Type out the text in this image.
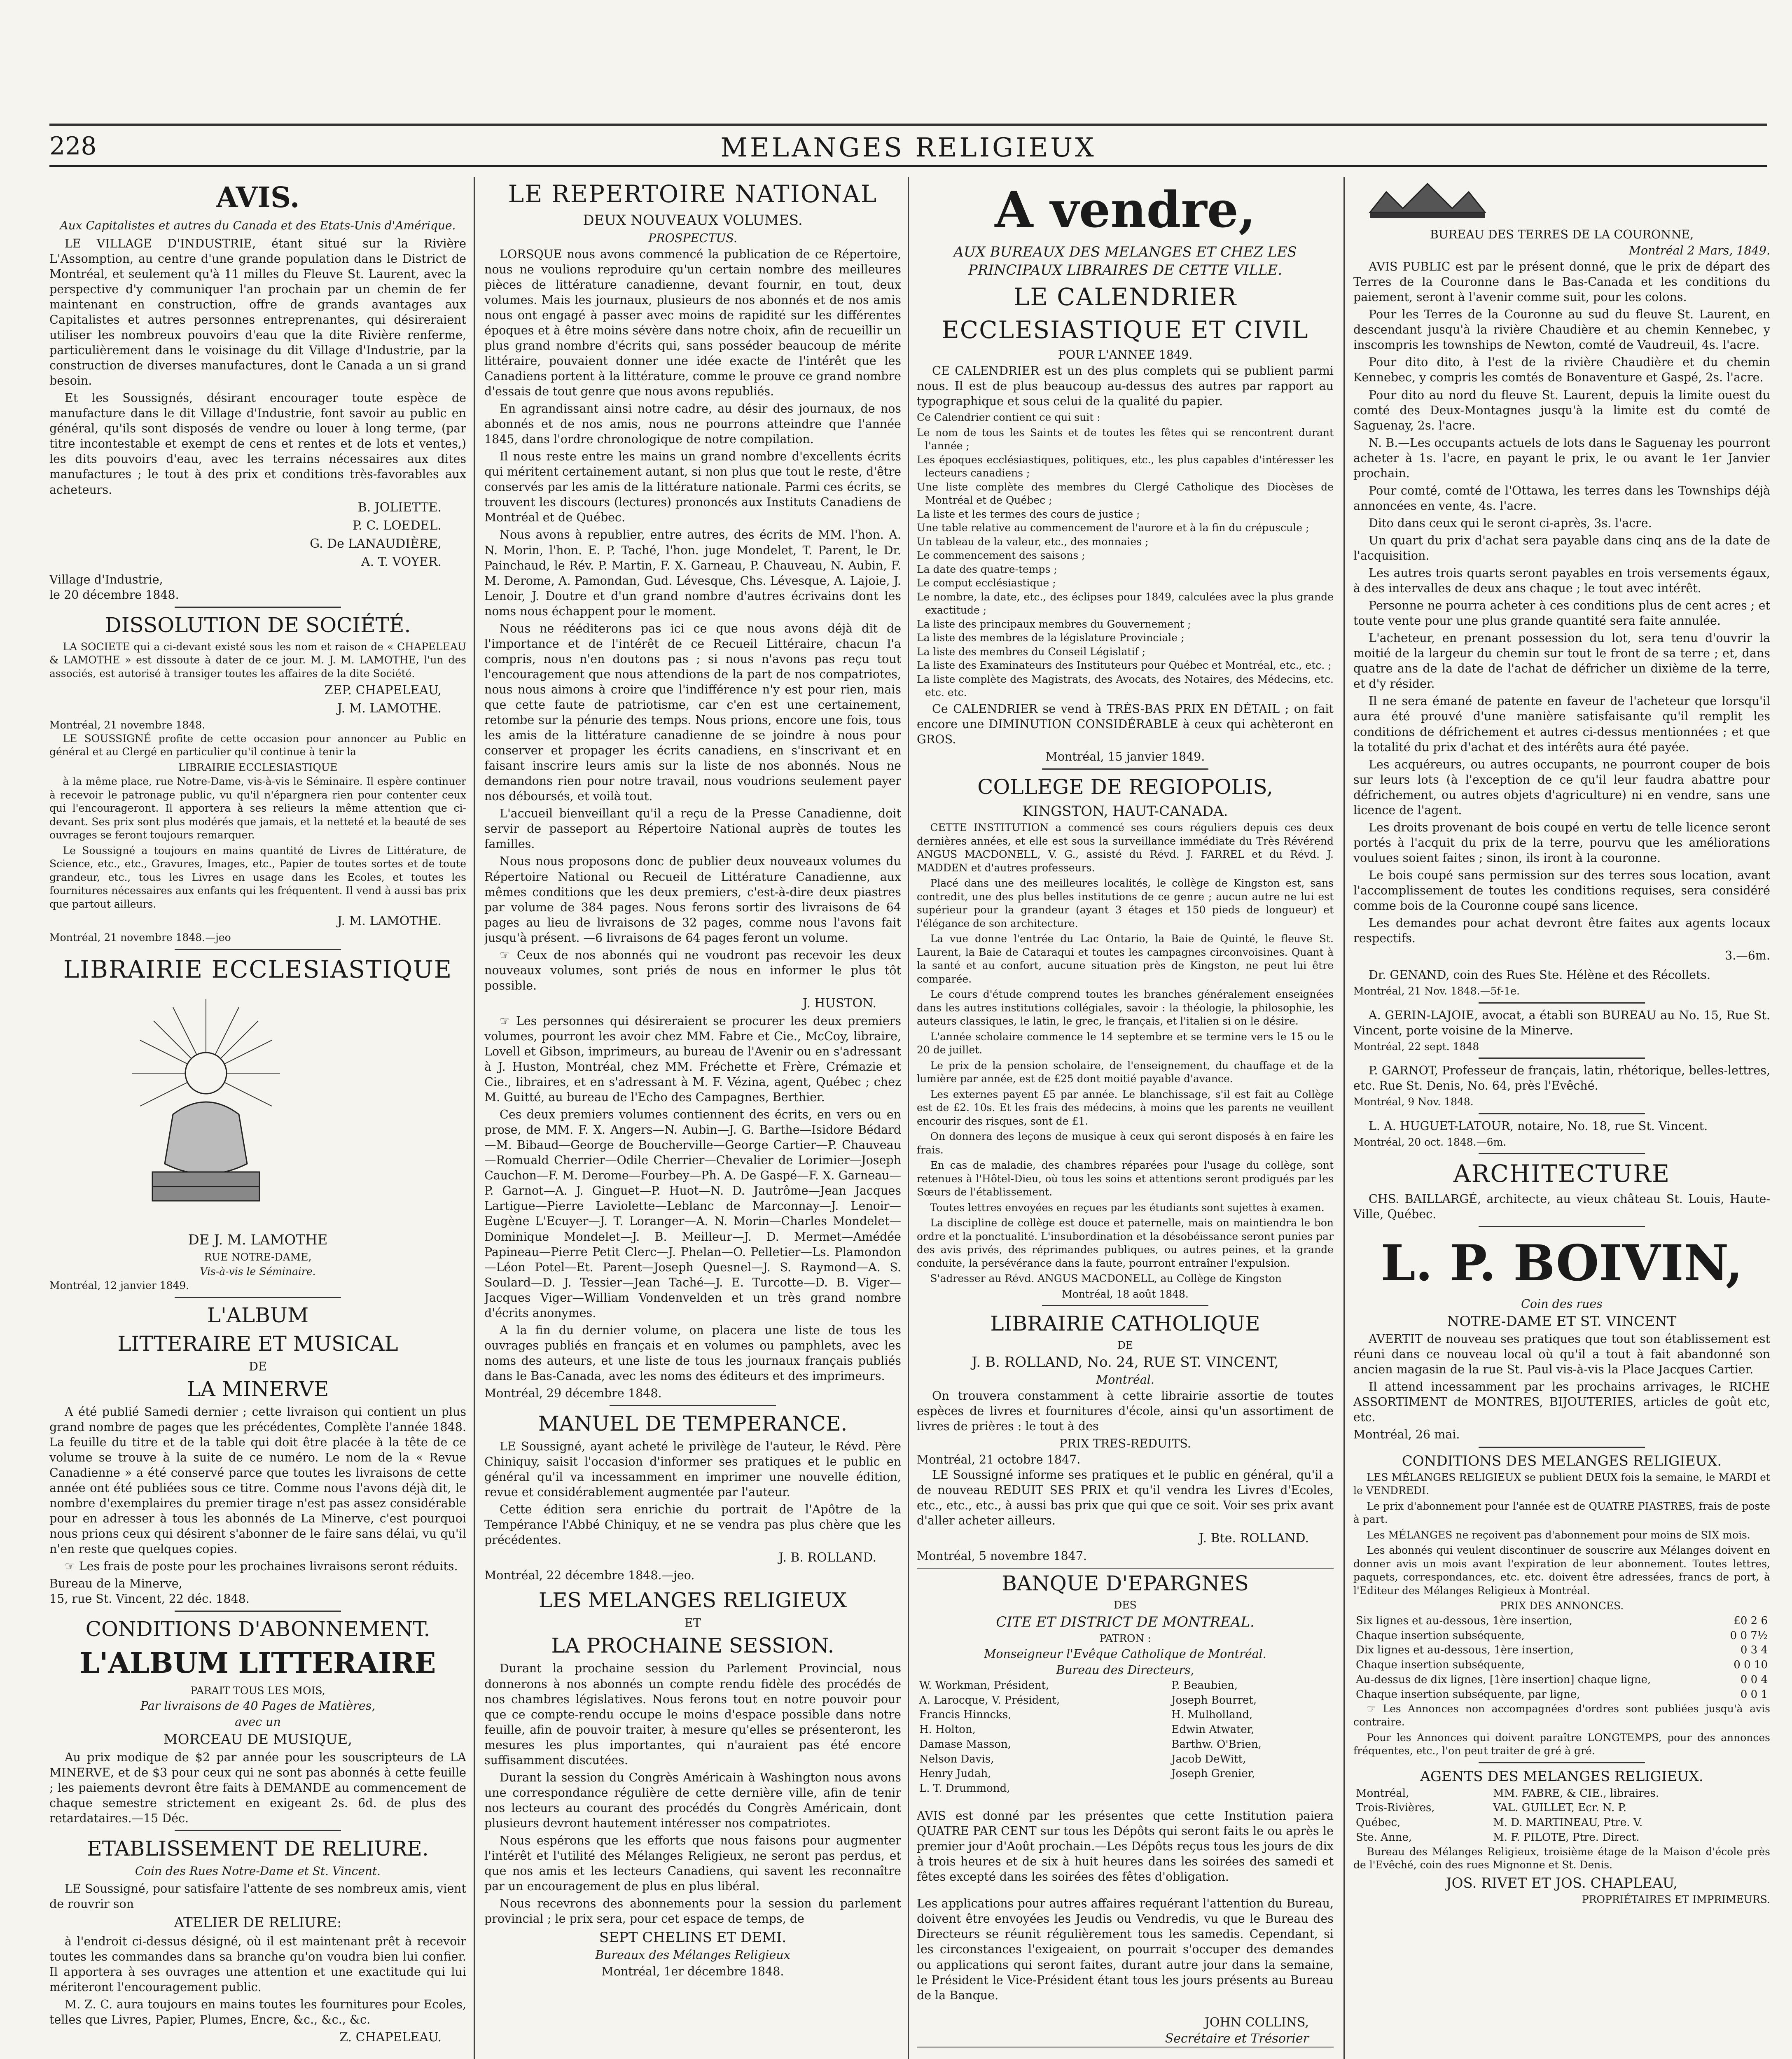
228	MELANGES RELIGIEUX
AVIS.
Aux Capitalistes et autres du Canada et des Etats-Unis d'Amérique.

LE VILLAGE D'INDUSTRIE, étant situé sur la Rivière L'Assomption, au centre d'une grande population dans le District de Montréal, et seulement qu'à 11 milles du Fleuve St. Laurent, avec la perspective d'y communiquer l'an prochain par un chemin de fer maintenant en construction, offre de grands avantages aux Capitalistes et autres personnes entreprenantes, qui désireraient utiliser les nombreux pouvoirs d'eau que la dite Rivière renferme, particulièrement dans le voisinage du dit Village d'Industrie, par la construction de diverses manufactures, dont le Canada a un si grand besoin.

Et les Soussignés, désirant encourager toute espèce de manufacture dans le dit Village d'Industrie, font savoir au public en général, qu'ils sont disposés de vendre ou louer à long terme, (par titre incontestable et exempt de cens et rentes et de lots et ventes,) les dits pouvoirs d'eau, avec les terrains nécessaires aux dites manufactures ; le tout à des prix et conditions très-favorables aux acheteurs.

B. JOLIETTE.

P. C. LOEDEL.

G. De LANAUDIÈRE,

A. T. VOYER.

Village d'Industrie,
le 20 décembre 1848.
DISSOLUTION DE SOCIÉTÉ.

LA SOCIETE qui a ci-devant existé sous les nom et raison de « CHAPELEAU & LAMOTHE » est dissoute à dater de ce jour. M. J. M. LAMOTHE, l'un des associés, est autorisé à transiger toutes les affaires de la dite Société.

ZEP. CHAPELEAU,

J. M. LAMOTHE.

Montréal, 21 novembre 1848.

LE SOUSSIGNÉ profite de cette occasion pour annoncer au Public en général et au Clergé en particulier qu'il continue à tenir la

LIBRAIRIE ECCLESIASTIQUE

à la même place, rue Notre-Dame, vis-à-vis le Séminaire. Il espère continuer à recevoir le patronage public, vu qu'il n'épargnera rien pour contenter ceux qui l'encourageront. Il apportera à ses relieurs la même attention que ci-devant. Ses prix sont plus modérés que jamais, et la netteté et la beauté de ses ouvrages se feront toujours remarquer.

Le Soussigné a toujours en mains quantité de Livres de Littérature, de Science, etc., etc., Gravures, Images, etc., Papier de toutes sortes et de toute grandeur, etc., tous les Livres en usage dans les Ecoles, et toutes les fournitures nécessaires aux enfants qui les fréquentent. Il vend à aussi bas prix que partout ailleurs.

J. M. LAMOTHE.

Montréal, 21 novembre 1848.—jeo
LIBRAIRIE ECCLESIASTIQUE
DE J. M. LAMOTHE
RUE NOTRE-DAME,
Vis-à-vis le Séminaire.
Montréal, 12 janvier 1849.
L'ALBUM
LITTERAIRE ET MUSICAL
DE
LA MINERVE

A été publié Samedi dernier ; cette livraison qui contient un plus grand nombre de pages que les précédentes, Complète l'année 1848. La feuille du titre et de la table qui doit être placée à la tête de ce volume se trouve à la suite de ce numéro. Le nom de la « Revue Canadienne » a été conservé parce que toutes les livraisons de cette année ont été publiées sous ce titre. Comme nous l'avons déjà dit, le nombre d'exemplaires du premier tirage n'est pas assez considérable pour en adresser à tous les abonnés de La Minerve, c'est pourquoi nous prions ceux qui désirent s'abonner de le faire sans délai, vu qu'il n'en reste que quelques copies.

☞ Les frais de poste pour les prochaines livraisons seront réduits.

Bureau de la Minerve,
15, rue St. Vincent, 22 déc. 1848.
CONDITIONS D'ABONNEMENT.
L'ALBUM LITTERAIRE
PARAIT TOUS LES MOIS,
Par livraisons de 40 Pages de Matières,
avec un
MORCEAU DE MUSIQUE,

Au prix modique de $2 par année pour les souscripteurs de LA MINERVE, et de $3 pour ceux qui ne sont pas abonnés à cette feuille ; les paiements devront être faits à DEMANDE au commencement de chaque semestre strictement en exigeant 2s. 6d. de plus des retardataires.—15 Déc.

ETABLISSEMENT DE RELIURE.
Coin des Rues Notre-Dame et St. Vincent.

LE Soussigné, pour satisfaire l'attente de ses nombreux amis, vient de rouvrir son

ATELIER DE RELIURE:

à l'endroit ci-dessus désigné, où il est maintenant prêt à recevoir toutes les commandes dans sa branche qu'on voudra bien lui confier. Il apportera à ses ouvrages une attention et une exactitude qui lui mériteront l'encouragement public.

M. Z. C. aura toujours en mains toutes les fournitures pour Ecoles, telles que Livres, Papier, Plumes, Encre, &c., &c., &c.

Z. CHAPELEAU.

LE REPERTOIRE NATIONAL
DEUX NOUVEAUX VOLUMES.
PROSPECTUS.

LORSQUE nous avons commencé la publication de ce Répertoire, nous ne voulions reproduire qu'un certain nombre des meilleures pièces de littérature canadienne, devant fournir, en tout, deux volumes. Mais les journaux, plusieurs de nos abonnés et de nos amis nous ont engagé à passer avec moins de rapidité sur les différentes époques et à être moins sévère dans notre choix, afin de recueillir un plus grand nombre d'écrits qui, sans posséder beaucoup de mérite littéraire, pouvaient donner une idée exacte de l'intérêt que les Canadiens portent à la littérature, comme le prouve ce grand nombre d'essais de tout genre que nous avons republiés.

En agrandissant ainsi notre cadre, au désir des journaux, de nos abonnés et de nos amis, nous ne pourrons atteindre que l'année 1845, dans l'ordre chronologique de notre compilation.

Il nous reste entre les mains un grand nombre d'excellents écrits qui méritent certainement autant, si non plus que tout le reste, d'être conservés par les amis de la littérature nationale. Parmi ces écrits, se trouvent les discours (lectures) prononcés aux Instituts Canadiens de Montréal et de Québec.

Nous avons à republier, entre autres, des écrits de MM. l'hon. A. N. Morin, l'hon. E. P. Taché, l'hon. juge Mondelet, T. Parent, le Dr. Painchaud, le Rév. P. Martin, F. X. Garneau, P. Chauveau, N. Aubin, F. M. Derome, A. Pamondan, Gud. Lévesque, Chs. Lévesque, A. Lajoie, J. Lenoir, J. Doutre et d'un grand nombre d'autres écrivains dont les noms nous échappent pour le moment.

Nous ne rééditerons pas ici ce que nous avons déjà dit de l'importance et de l'intérêt de ce Recueil Littéraire, chacun l'a compris, nous n'en doutons pas ; si nous n'avons pas reçu tout l'encouragement que nous attendions de la part de nos compatriotes, nous nous aimons à croire que l'indifférence n'y est pour rien, mais que cette faute de patriotisme, car c'en est une certainement, retombe sur la pénurie des temps. Nous prions, encore une fois, tous les amis de la littérature canadienne de se joindre à nous pour conserver et propager les écrits canadiens, en s'inscrivant et en faisant inscrire leurs amis sur la liste de nos abonnés. Nous ne demandons rien pour notre travail, nous voudrions seulement payer nos déboursés, et voilà tout.

L'accueil bienveillant qu'il a reçu de la Presse Canadienne, doit servir de passeport au Répertoire National auprès de toutes les familles.

Nous nous proposons donc de publier deux nouveaux volumes du Répertoire National ou Recueil de Littérature Canadienne, aux mêmes conditions que les deux premiers, c'est-à-dire deux piastres par volume de 384 pages. Nous ferons sortir des livraisons de 64 pages au lieu de livraisons de 32 pages, comme nous l'avons fait jusqu'à présent. —6 livraisons de 64 pages feront un volume.

☞ Ceux de nos abonnés qui ne voudront pas recevoir les deux nouveaux volumes, sont priés de nous en informer le plus tôt possible.

J. HUSTON.

☞ Les personnes qui désireraient se procurer les deux premiers volumes, pourront les avoir chez MM. Fabre et Cie., McCoy, libraire, Lovell et Gibson, imprimeurs, au bureau de l'Avenir ou en s'adressant à J. Huston, Montréal, chez MM. Fréchette et Frère, Crémazie et Cie., libraires, et en s'adressant à M. F. Vézina, agent, Québec ; chez M. Guitté, au bureau de l'Echo des Campagnes, Berthier.

Ces deux premiers volumes contiennent des écrits, en vers ou en prose, de MM. F. X. Angers—N. Aubin—J. G. Barthe—Isidore Bédard—M. Bibaud—George de Boucherville—George Cartier—P. Chauveau—Romuald Cherrier—Odile Cherrier—Chevalier de Lorimier—Joseph Cauchon—F. M. Derome—Fourbey—Ph. A. De Gaspé—F. X. Garneau—P. Garnot—A. J. Ginguet—P. Huot—N. D. Jautrôme—Jean Jacques Lartigue—Pierre Laviolette—Leblanc de Marconnay—J. Lenoir—Eugène L'Ecuyer—J. T. Loranger—A. N. Morin—Charles Mondelet—Dominique Mondelet—J. B. Meilleur—J. D. Mermet—Amédée Papineau—Pierre Petit Clerc—J. Phelan—O. Pelletier—Ls. Plamondon—Léon Potel—Et. Parent—Joseph Quesnel—J. S. Raymond—A. S. Soulard—D. J. Tessier—Jean Taché—J. E. Turcotte—D. B. Viger—Jacques Viger—William Vondenvelden et un très grand nombre d'écrits anonymes.

A la fin du dernier volume, on placera une liste de tous les ouvrages publiés en français et en volumes ou pamphlets, avec les noms des auteurs, et une liste de tous les journaux français publiés dans le Bas-Canada, avec les noms des éditeurs et des imprimeurs.

Montréal, 29 décembre 1848.
MANUEL DE TEMPERANCE.

LE Soussigné, ayant acheté le privilège de l'auteur, le Révd. Père Chiniquy, saisit l'occasion d'informer ses pratiques et le public en général qu'il va incessamment en imprimer une nouvelle édition, revue et considérablement augmentée par l'auteur.

Cette édition sera enrichie du portrait de l'Apôtre de la Tempérance l'Abbé Chiniquy, et ne se vendra pas plus chère que les précédentes.

J. B. ROLLAND.

Montréal, 22 décembre 1848.—jeo.
LES MELANGES RELIGIEUX
ET
LA PROCHAINE SESSION.

Durant la prochaine session du Parlement Provincial, nous donnerons à nos abonnés un compte rendu fidèle des procédés de nos chambres législatives. Nous ferons tout en notre pouvoir pour que ce compte-rendu occupe le moins d'espace possible dans notre feuille, afin de pouvoir traiter, à mesure qu'elles se présenteront, les mesures les plus importantes, qui n'auraient pas été encore suffisamment discutées.

Durant la session du Congrès Américain à Washington nous avons une correspondance régulière de cette dernière ville, afin de tenir nos lecteurs au courant des procédés du Congrès Américain, dont plusieurs devront hautement intéresser nos compatriotes.

Nous espérons que les efforts que nous faisons pour augmenter l'intérêt et l'utilité des Mélanges Religieux, ne seront pas perdus, et que nos amis et les lecteurs Canadiens, qui savent les reconnaître par un encouragement de plus en plus libéral.

Nous recevrons des abonnements pour la session du parlement provincial ; le prix sera, pour cet espace de temps, de

SEPT CHELINS ET DEMI.
Bureaux des Mélanges Religieux
Montréal, 1er décembre 1848.
A vendre,
AUX BUREAUX DES MELANGES ET CHEZ LES PRINCIPAUX LIBRAIRES DE CETTE VILLE.
LE CALENDRIER
ECCLESIASTIQUE ET CIVIL
POUR L'ANNEE 1849.

CE CALENDRIER est un des plus complets qui se publient parmi nous. Il est de plus beaucoup au-dessus des autres par rapport au typographique et sous celui de la qualité du papier.

Ce Calendrier contient ce qui suit :
Le nom de tous les Saints et de toutes les fêtes qui se rencontrent durant l'année ;
Les époques ecclésiastiques, politiques, etc., les plus capables d'intéresser les lecteurs canadiens ;
Une liste complète des membres du Clergé Catholique des Diocèses de Montréal et de Québec ;
La liste et les termes des cours de justice ;
Une table relative au commencement de l'aurore et à la fin du crépuscule ;
Un tableau de la valeur, etc., des monnaies ;
Le commencement des saisons ;
La date des quatre-temps ;
Le comput ecclésiastique ;
Le nombre, la date, etc., des éclipses pour 1849, calculées avec la plus grande exactitude ;
La liste des principaux membres du Gouvernement ;
La liste des membres de la législature Provinciale ;
La liste des membres du Conseil Législatif ;
La liste des Examinateurs des Instituteurs pour Québec et Montréal, etc., etc. ;
La liste complète des Magistrats, des Avocats, des Notaires, des Médecins, etc. etc. etc.

Ce CALENDRIER se vend à TRÈS-BAS PRIX EN DÉTAIL ; on fait encore une DIMINUTION CONSIDÉRABLE à ceux qui achèteront en GROS.

Montréal, 15 janvier 1849.
COLLEGE DE REGIOPOLIS,
KINGSTON, HAUT-CANADA.

CETTE INSTITUTION a commencé ses cours réguliers depuis ces deux dernières années, et elle est sous la surveillance immédiate du Très Révérend ANGUS MACDONELL, V. G., assisté du Révd. J. FARREL et du Révd. J. MADDEN et d'autres professeurs.

Placé dans une des meilleures localités, le collège de Kingston est, sans contredit, une des plus belles institutions de ce genre ; aucun autre ne lui est supérieur pour la grandeur (ayant 3 étages et 150 pieds de longueur) et l'élégance de son architecture.

La vue donne l'entrée du Lac Ontario, la Baie de Quinté, le fleuve St. Laurent, la Baie de Cataraqui et toutes les campagnes circonvoisines. Quant à la santé et au confort, aucune situation près de Kingston, ne peut lui être comparée.

Le cours d'étude comprend toutes les branches généralement enseignées dans les autres institutions collégiales, savoir : la théologie, la philosophie, les auteurs classiques, le latin, le grec, le français, et l'italien si on le désire.

L'année scholaire commence le 14 septembre et se termine vers le 15 ou le 20 de juillet.

Le prix de la pension scholaire, de l'enseignement, du chauffage et de la lumière par année, est de £25 dont moitié payable d'avance.

Les externes payent £5 par année. Le blanchissage, s'il est fait au Collège est de £2. 10s. Et les frais des médecins, à moins que les parents ne veuillent encourir des risques, sont de £1.

On donnera des leçons de musique à ceux qui seront disposés à en faire les frais.

En cas de maladie, des chambres réparées pour l'usage du collège, sont retenues à l'Hôtel-Dieu, où tous les soins et attentions seront prodigués par les Sœurs de l'établissement.

Toutes lettres envoyées en reçues par les étudiants sont sujettes à examen.

La discipline de collège est douce et paternelle, mais on maintiendra le bon ordre et la ponctualité. L'insubordination et la désobéissance seront punies par des avis privés, des réprimandes publiques, ou autres peines, et la grande conduite, la persévérance dans la faute, pourront entraîner l'expulsion.

S'adresser au Révd. ANGUS MACDONELL, au Collège de Kingston

Montréal, 18 août 1848.
LIBRAIRIE CATHOLIQUE
DE
J. B. ROLLAND, No. 24, RUE ST. VINCENT,
Montréal.

On trouvera constamment à cette librairie assortie de toutes espèces de livres et fournitures d'école, ainsi qu'un assortiment de livres de prières : le tout à des

PRIX TRES-REDUITS.
Montréal, 21 octobre 1847.

LE Soussigné informe ses pratiques et le public en général, qu'il a de nouveau REDUIT SES PRIX et qu'il vendra les Livres d'Ecoles, etc., etc., etc., à aussi bas prix que qui que ce soit. Voir ses prix avant d'aller acheter ailleurs.

J. Bte. ROLLAND.

Montréal, 5 novembre 1847.
BANQUE D'EPARGNES
DES
CITE ET DISTRICT DE MONTREAL.
PATRON :
Monseigneur l'Evêque Catholique de Montréal.
Bureau des Directeurs,
W. Workman, Président,	P. Beaubien,
A. Larocque, V. Président,	Joseph Bourret,
Francis Hinncks,	H. Mulholland,
H. Holton,	Edwin Atwater,
Damase Masson,	Barthw. O'Brien,
Nelson Davis,	Jacob DeWitt,
Henry Judah,	Joseph Grenier,
L. T. Drummond,	

AVIS est donné par les présentes que cette Institution paiera QUATRE PAR CENT sur tous les Dépôts qui seront faits le ou après le premier jour d'Août prochain.—Les Dépôts reçus tous les jours de dix à trois heures et de six à huit heures dans les soirées des samedi et fêtes excepté dans les soirées des fêtes d'obligation.

Les applications pour autres affaires requérant l'attention du Bureau, doivent être envoyées les Jeudis ou Vendredis, vu que le Bureau des Directeurs se réunit régulièrement tous les samedis. Cependant, si les circonstances l'exigeaient, on pourrait s'occuper des demandes ou applications qui seront faites, durant autre jour dans la semaine, le Président le Vice-Président étant tous les jours présents au Bureau de la Banque.

JOHN COLLINS,

Secrétaire et Trésorier

BUREAU DES TERRES DE LA COURONNE,
Montréal 2 Mars, 1849.

AVIS PUBLIC est par le présent donné, que le prix de départ des Terres de la Couronne dans le Bas-Canada et les conditions du paiement, seront à l'avenir comme suit, pour les colons.

Pour les Terres de la Couronne au sud du fleuve St. Laurent, en descendant jusqu'à la rivière Chaudière et au chemin Kennebec, y inscompris les townships de Newton, comté de Vaudreuil, 4s. l'acre.

Pour dito dito, à l'est de la rivière Chaudière et du chemin Kennebec, y compris les comtés de Bonaventure et Gaspé, 2s. l'acre.

Pour dito au nord du fleuve St. Laurent, depuis la limite ouest du comté des Deux-Montagnes jusqu'à la limite est du comté de Saguenay, 2s. l'acre.

N. B.—Les occupants actuels de lots dans le Saguenay les pourront acheter à 1s. l'acre, en payant le prix, le ou avant le 1er Janvier prochain.

Pour comté, comté de l'Ottawa, les terres dans les Townships déjà annoncées en vente, 4s. l'acre.

Dito dans ceux qui le seront ci-après, 3s. l'acre.

Un quart du prix d'achat sera payable dans cinq ans de la date de l'acquisition.

Les autres trois quarts seront payables en trois versements égaux, à des intervalles de deux ans chaque ; le tout avec intérêt.

Personne ne pourra acheter à ces conditions plus de cent acres ; et toute vente pour une plus grande quantité sera faite annulée.

L'acheteur, en prenant possession du lot, sera tenu d'ouvrir la moitié de la largeur du chemin sur tout le front de sa terre ; et, dans quatre ans de la date de l'achat de défricher un dixième de la terre, et d'y résider.

Il ne sera émané de patente en faveur de l'acheteur que lorsqu'il aura été prouvé d'une manière satisfaisante qu'il remplit les conditions de défrichement et autres ci-dessus mentionnées ; et que la totalité du prix d'achat et des intérêts aura été payée.

Les acquéreurs, ou autres occupants, ne pourront couper de bois sur leurs lots (à l'exception de ce qu'il leur faudra abattre pour défrichement, ou autres objets d'agriculture) ni en vendre, sans une licence de l'agent.

Les droits provenant de bois coupé en vertu de telle licence seront portés à l'acquit du prix de la terre, pourvu que les améliorations voulues soient faites ; sinon, ils iront à la couronne.

Le bois coupé sans permission sur des terres sous location, avant l'accomplissement de toutes les conditions requises, sera considéré comme bois de la Couronne coupé sans licence.

Les demandes pour achat devront être faites aux agents locaux respectifs.

3.—6m.

Dr. GENAND, coin des Rues Ste. Hélène et des Récollets.

Montréal, 21 Nov. 1848.—5f-1e.

A. GERIN-LAJOIE, avocat, a établi son BUREAU au No. 15, Rue St. Vincent, porte voisine de la Minerve.

Montréal, 22 sept. 1848

P. GARNOT, Professeur de français, latin, rhétorique, belles-lettres, etc. Rue St. Denis, No. 64, près l'Evêché.

Montréal, 9 Nov. 1848.

L. A. HUGUET-LATOUR, notaire, No. 18, rue St. Vincent.

Montréal, 20 oct. 1848.—6m.
ARCHITECTURE

CHS. BAILLARGÉ, architecte, au vieux château St. Louis, Haute-Ville, Québec.

L. P. BOIVIN,
Coin des rues
NOTRE-DAME ET ST. VINCENT

AVERTIT de nouveau ses pratiques que tout son établissement est réuni dans ce nouveau local où qu'il a tout à fait abandonné son ancien magasin de la rue St. Paul vis-à-vis la Place Jacques Cartier.

Il attend incessamment par les prochains arrivages, le RICHE ASSORTIMENT de MONTRES, BIJOUTERIES, articles de goût etc, etc.

Montréal, 26 mai.
CONDITIONS DES MELANGES RELIGIEUX.

LES MÉLANGES RELIGIEUX se publient DEUX fois la semaine, le MARDI et le VENDREDI.

Le prix d'abonnement pour l'année est de QUATRE PIASTRES, frais de poste à part.

Les MÉLANGES ne reçoivent pas d'abonnement pour moins de SIX mois.

Les abonnés qui veulent discontinuer de souscrire aux Mélanges doivent en donner avis un mois avant l'expiration de leur abonnement. Toutes lettres, paquets, correspondances, etc. etc. doivent être adressées, francs de port, à l'Editeur des Mélanges Religieux à Montréal.

PRIX DES ANNONCES.
Six lignes et au-dessous, 1ère insertion,	£0 2 6
Chaque insertion subséquente,	0 0 7½
Dix lignes et au-dessous, 1ère insertion,	0 3 4
Chaque insertion subséquente,	0 0 10
Au-dessus de dix lignes, [1ère insertion] chaque ligne,	0 0 4
Chaque insertion subséquente, par ligne,	0 0 1

☞ Les Annonces non accompagnées d'ordres sont publiées jusqu'à avis contraire.

Pour les Annonces qui doivent paraître LONGTEMPS, pour des annonces fréquentes, etc., l'on peut traiter de gré à gré.

AGENTS DES MELANGES RELIGIEUX.
Montréal,	MM. FABRE, & CIE., libraires.
Trois-Rivières,	VAL. GUILLET, Ecr. N. P.
Québec,	M. D. MARTINEAU, Ptre. V.
Ste. Anne,	M. F. PILOTE, Ptre. Direct.

Bureau des Mélanges Religieux, troisième étage de la Maison d'école près de l'Evêché, coin des rues Mignonne et St. Denis.

JOS. RIVET ET JOS. CHAPLEAU,
PROPRIÉTAIRES ET IMPRIMEURS.
